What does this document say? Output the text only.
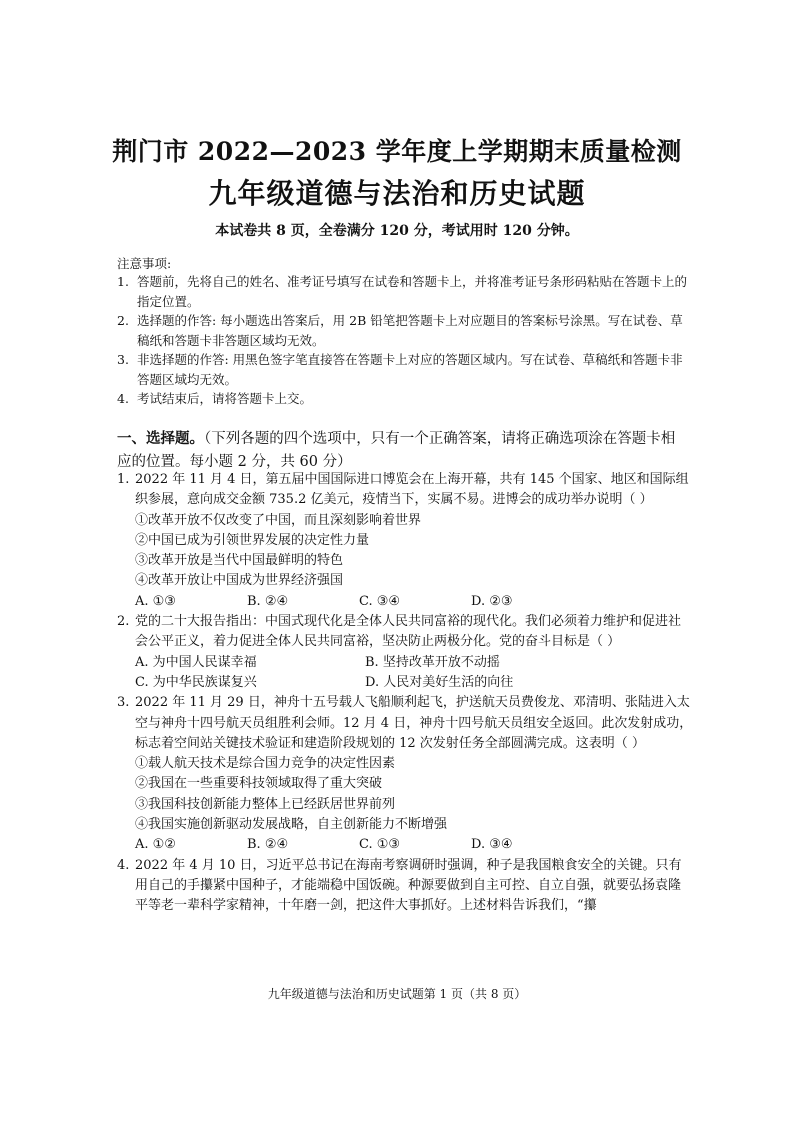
荆门市 2022—2023 学年度上学期期末质量检测
九年级道德与法治和历史试题
本试卷共 8 页，全卷满分 120 分，考试用时 120 分钟。
注意事项:
1. 答题前，先将自己的姓名、准考证号填写在试卷和答题卡上，并将准考证号条形码粘贴在答题卡上的指定位置。
2. 选择题的作答: 每小题选出答案后，用 2B 铅笔把答题卡上对应题目的答案标号涂黑。写在试卷、草稿纸和答题卡非答题区域均无效。
3. 非选择题的作答: 用黑色签字笔直接答在答题卡上对应的答题区域内。写在试卷、草稿纸和答题卡非答题区域均无效。
4. 考试结束后，请将答题卡上交。
一、选择题。（下列各题的四个选项中，只有一个正确答案，请将正确选项涂在答题卡相应的位置。每小题 2 分，共 60 分）
1. 2022 年 11 月 4 日，第五届中国国际进口博览会在上海开幕，共有 145 个国家、地区和国际组织参展，意向成交金额 735.2 亿美元，疫情当下，实属不易。进博会的成功举办说明（ ）
①改革开放不仅改变了中国，而且深刻影响着世界
②中国已成为引领世界发展的决定性力量
③改革开放是当代中国最鲜明的特色
④改革开放让中国成为世界经济强国
A. ①③	B. ②④	C. ③④	D. ②③
2. 党的二十大报告指出：中国式现代化是全体人民共同富裕的现代化。我们必须着力维护和促进社会公平正义，着力促进全体人民共同富裕，坚决防止两极分化。党的奋斗目标是（ ）
A. 为中国人民谋幸福	B. 坚持改革开放不动摇
C. 为中华民族谋复兴	D. 人民对美好生活的向往
3. 2022 年 11 月 29 日，神舟十五号载人飞船顺利起飞，护送航天员费俊龙、邓清明、张陆进入太空与神舟十四号航天员组胜利会师。12 月 4 日，神舟十四号航天员组安全返回。此次发射成功，标志着空间站关键技术验证和建造阶段规划的 12 次发射任务全部圆满完成。这表明（ ）
①载人航天技术是综合国力竞争的决定性因素
②我国在一些重要科技领域取得了重大突破
③我国科技创新能力整体上已经跃居世界前列
④我国实施创新驱动发展战略，自主创新能力不断增强
A. ①②	B. ②④	C. ①③	D. ③④
4. 2022 年 4 月 10 日，习近平总书记在海南考察调研时强调，种子是我国粮食安全的关键。只有用自己的手攥紧中国种子，才能端稳中国饭碗。种源要做到自主可控、自立自强，就要弘扬袁隆平等老一辈科学家精神，十年磨一剑，把这件大事抓好。上述材料告诉我们，“攥
九年级道德与法治和历史试题第 1 页（共 8 页）
